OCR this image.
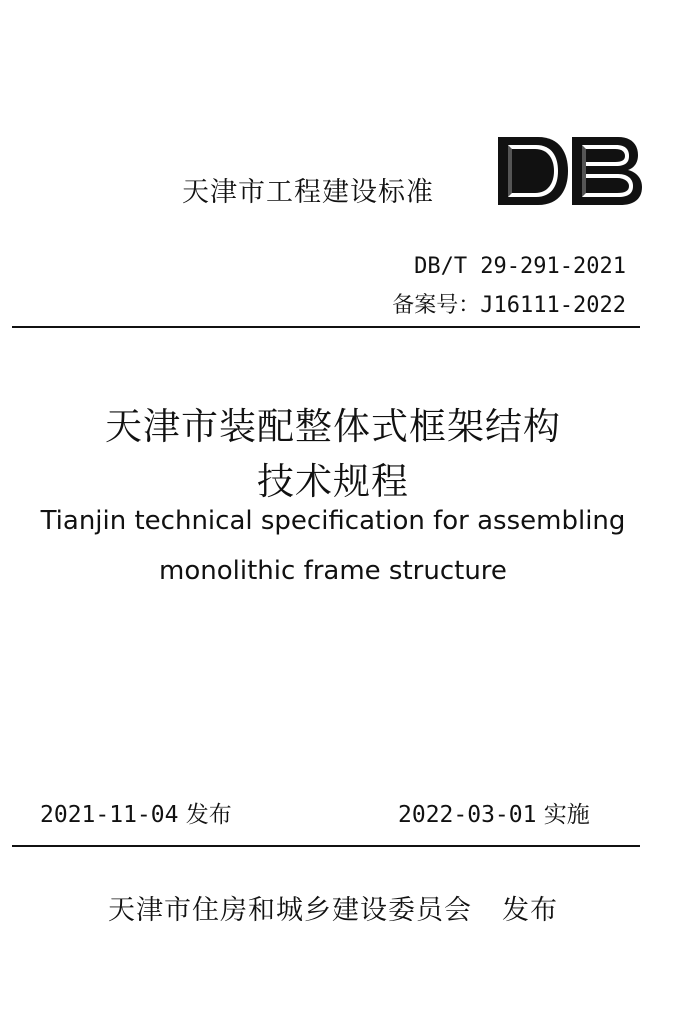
天津市工程建设标准
DB/T 29-291-2021
备案号：J16111-2022
天津市装配整体式框架结构
技术规程
Tianjin technical specification for assembling
monolithic frame structure
2021-11-04 发布	2022-03-01 实施
天津市住房和城乡建设委员会 发布
